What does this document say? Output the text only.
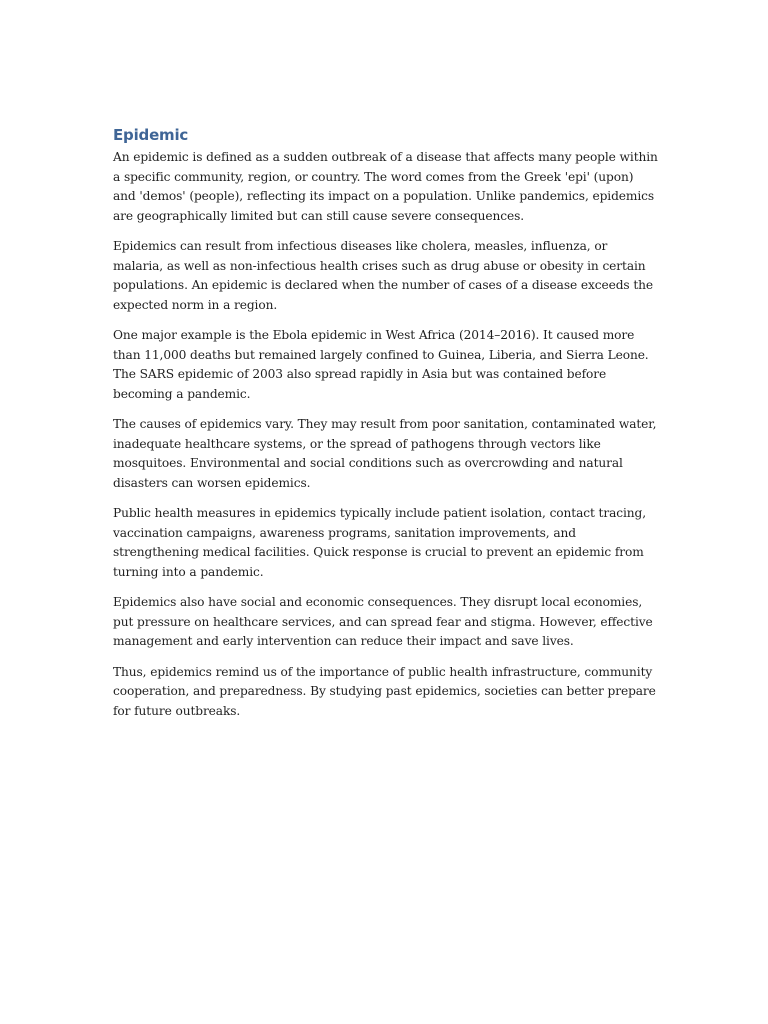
Epidemic

An epidemic is defined as a sudden outbreak of a disease that affects many people within a specific community, region, or country. The word comes from the Greek 'epi' (upon) and 'demos' (people), reflecting its impact on a population. Unlike pandemics, epidemics are geographically limited but can still cause severe consequences.

Epidemics can result from infectious diseases like cholera, measles, influenza, or malaria, as well as non-infectious health crises such as drug abuse or obesity in certain populations. An epidemic is declared when the number of cases of a disease exceeds the expected norm in a region.

One major example is the Ebola epidemic in West Africa (2014–2016). It caused more than 11,000 deaths but remained largely confined to Guinea, Liberia, and Sierra Leone. The SARS epidemic of 2003 also spread rapidly in Asia but was contained before becoming a pandemic.

The causes of epidemics vary. They may result from poor sanitation, contaminated water, inadequate healthcare systems, or the spread of pathogens through vectors like mosquitoes. Environmental and social conditions such as overcrowding and natural disasters can worsen epidemics.

Public health measures in epidemics typically include patient isolation, contact tracing, vaccination campaigns, awareness programs, sanitation improvements, and strengthening medical facilities. Quick response is crucial to prevent an epidemic from turning into a pandemic.

Epidemics also have social and economic consequences. They disrupt local economies, put pressure on healthcare services, and can spread fear and stigma. However, effective management and early intervention can reduce their impact and save lives.

Thus, epidemics remind us of the importance of public health infrastructure, community cooperation, and preparedness. By studying past epidemics, societies can better prepare for future outbreaks.
